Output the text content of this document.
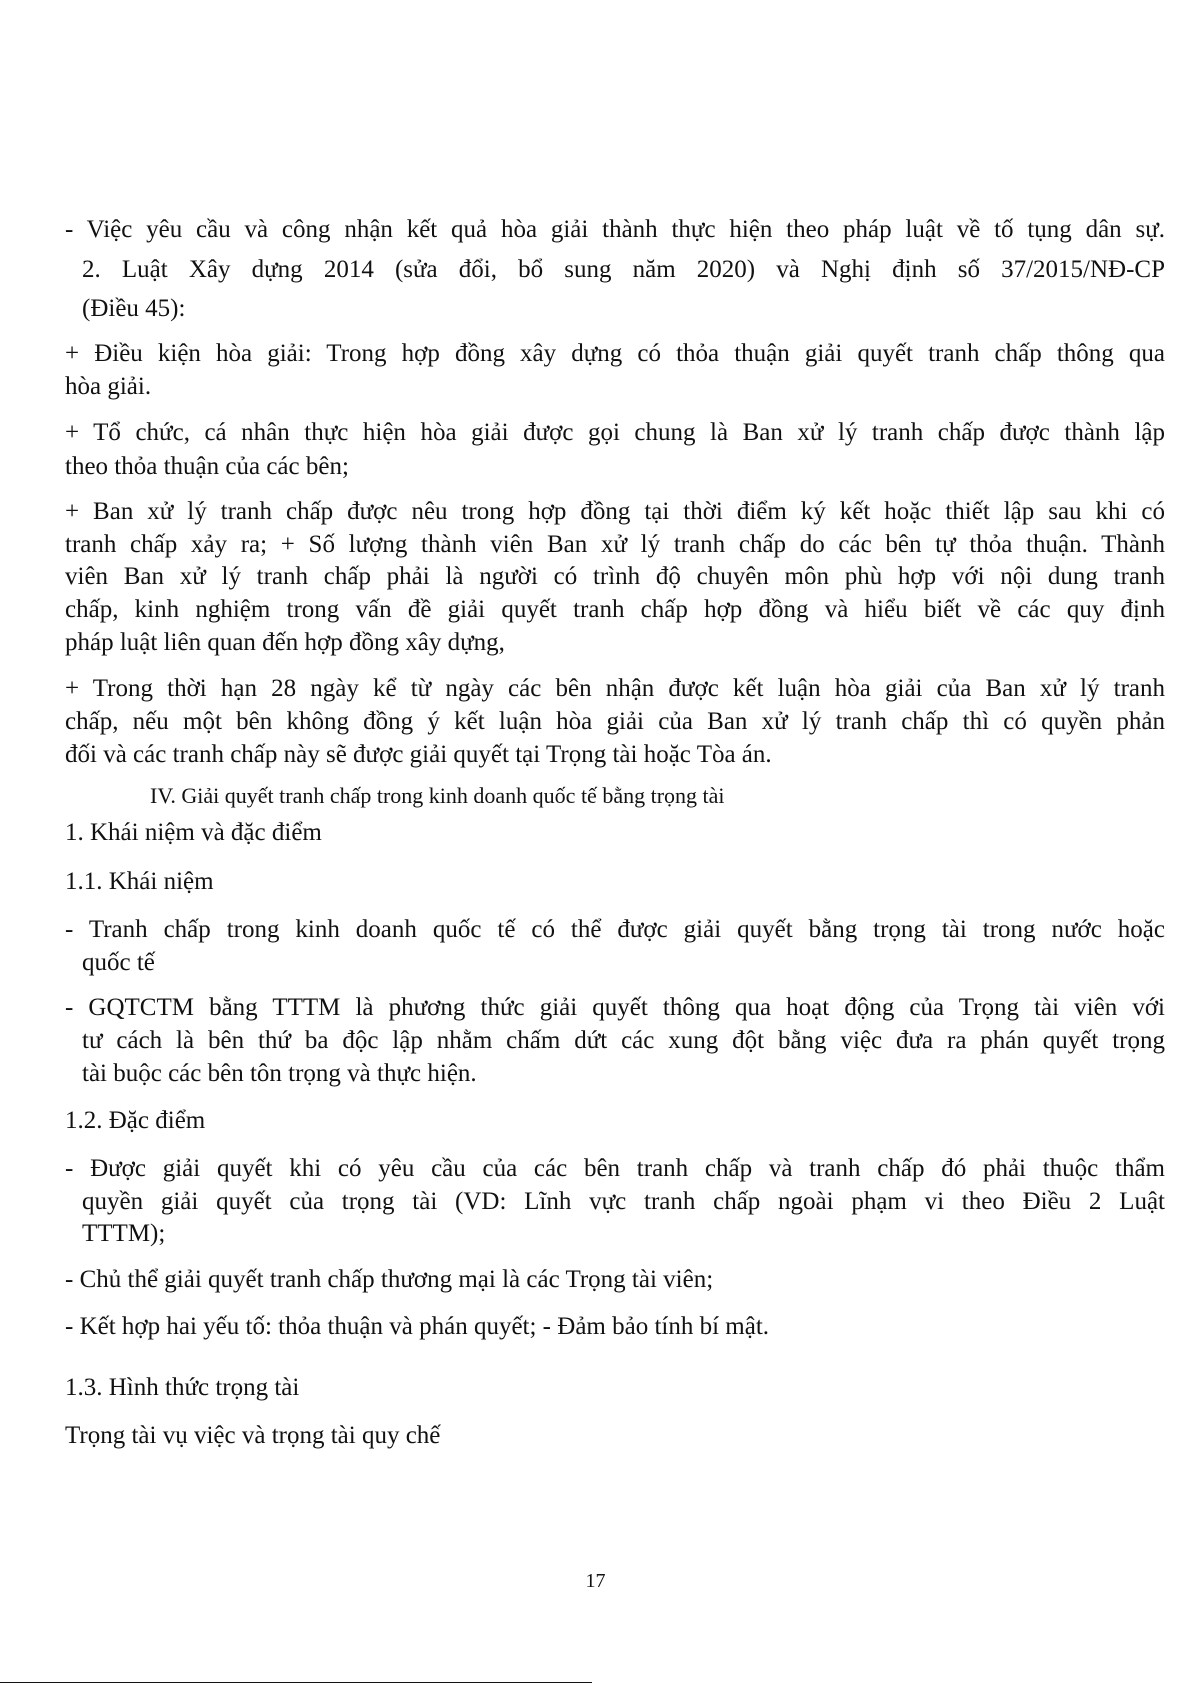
- Việc yêu cầu và công nhận kết quả hòa giải thành thực hiện theo pháp luật về tố tụng dân sự.

2. Luật Xây dựng 2014 (sửa đổi, bổ sung năm 2020) và Nghị định số 37/2015/NĐ-CP

(Điều 45):

+ Điều kiện hòa giải: Trong hợp đồng xây dựng có thỏa thuận giải quyết tranh chấp thông qua

hòa giải.

+ Tổ chức, cá nhân thực hiện hòa giải được gọi chung là Ban xử lý tranh chấp được thành lập

theo thỏa thuận của các bên;

+ Ban xử lý tranh chấp được nêu trong hợp đồng tại thời điểm ký kết hoặc thiết lập sau khi có

tranh chấp xảy ra; + Số lượng thành viên Ban xử lý tranh chấp do các bên tự thỏa thuận. Thành

viên Ban xử lý tranh chấp phải là người có trình độ chuyên môn phù hợp với nội dung tranh

chấp, kinh nghiệm trong vấn đề giải quyết tranh chấp hợp đồng và hiểu biết về các quy định

pháp luật liên quan đến hợp đồng xây dựng,

+ Trong thời hạn 28 ngày kể từ ngày các bên nhận được kết luận hòa giải của Ban xử lý tranh

chấp, nếu một bên không đồng ý kết luận hòa giải của Ban xử lý tranh chấp thì có quyền phản

đối và các tranh chấp này sẽ được giải quyết tại Trọng tài hoặc Tòa án.

IV. Giải quyết tranh chấp trong kinh doanh quốc tế bằng trọng tài

1. Khái niệm và đặc điểm

1.1. Khái niệm

- Tranh chấp trong kinh doanh quốc tế có thể được giải quyết bằng trọng tài trong nước hoặc

quốc tế

- GQTCTM bằng TTTM là phương thức giải quyết thông qua hoạt động của Trọng tài viên với

tư cách là bên thứ ba độc lập nhằm chấm dứt các xung đột bằng việc đưa ra phán quyết trọng

tài buộc các bên tôn trọng và thực hiện.

1.2. Đặc điểm

- Được giải quyết khi có yêu cầu của các bên tranh chấp và tranh chấp đó phải thuộc thẩm

quyền giải quyết của trọng tài (VD: Lĩnh vực tranh chấp ngoài phạm vi theo Điều 2 Luật

TTTM);

- Chủ thể giải quyết tranh chấp thương mại là các Trọng tài viên;

- Kết hợp hai yếu tố: thỏa thuận và phán quyết; - Đảm bảo tính bí mật.

1.3. Hình thức trọng tài

Trọng tài vụ việc và trọng tài quy chế

17
